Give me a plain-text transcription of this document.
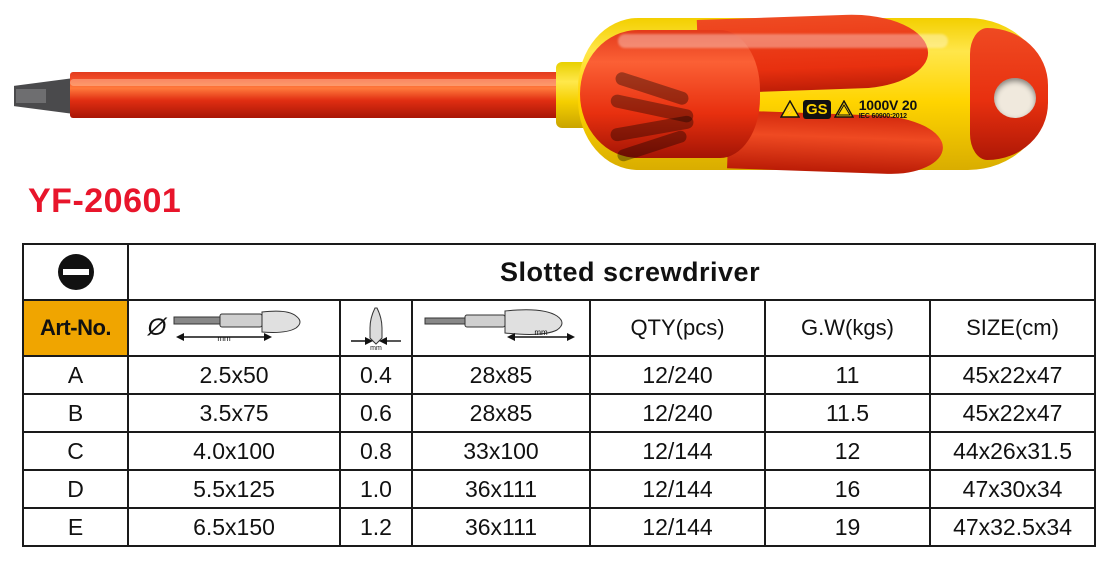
⚡ GS 1000V 20
IEC 60900:2012
YF-20601
	Slotted screwdriver					
Art-No.	Ø mm	mm	mm	QTY(pcs)	G.W(kgs)	SIZE(cm)
A	2.5x50	0.4	28x85	12/240	11	45x22x47
B	3.5x75	0.6	28x85	12/240	11.5	45x22x47
C	4.0x100	0.8	33x100	12/144	12	44x26x31.5
D	5.5x125	1.0	36x111	12/144	16	47x30x34
E	6.5x150	1.2	36x111	12/144	19	47x32.5x34
